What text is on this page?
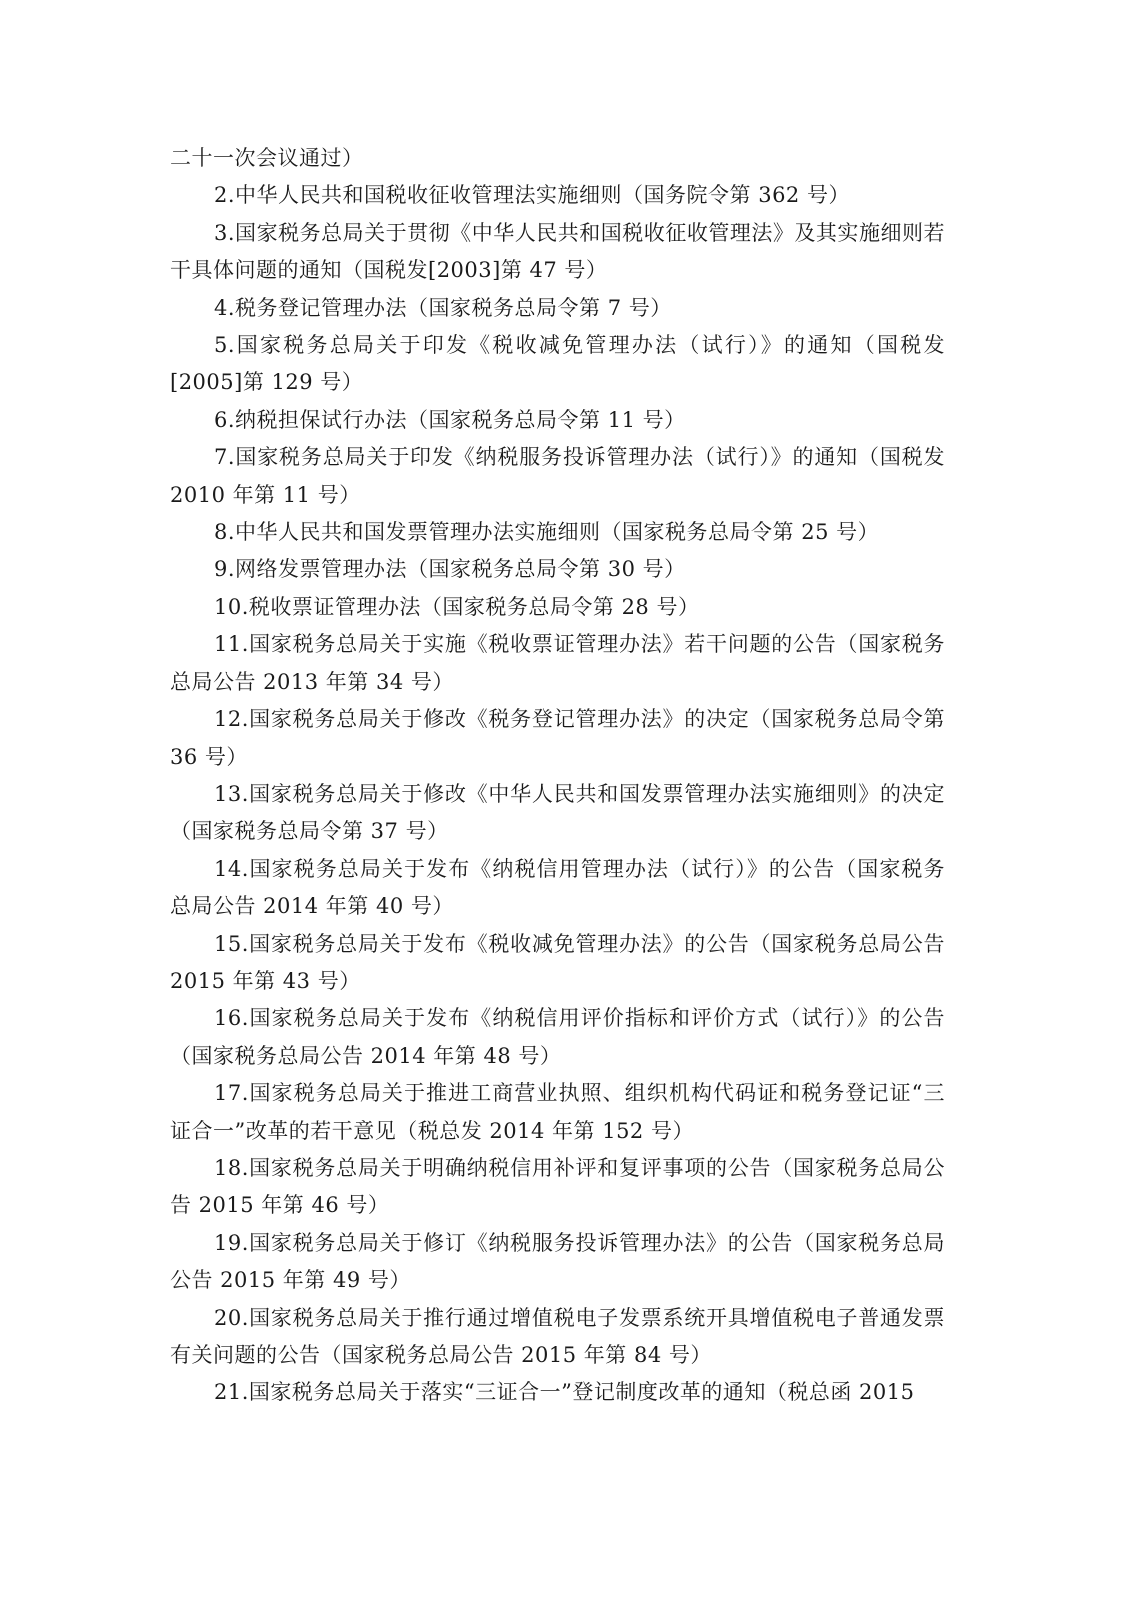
二十一次会议通过）

2.中华人民共和国税收征收管理法实施细则（国务院令第 362 号）

3.国家税务总局关于贯彻《中华人民共和国税收征收管理法》及其实施细则若干具体问题的通知（国税发[2003]第 47 号）

4.税务登记管理办法（国家税务总局令第 7 号）

5.国家税务总局关于印发《税收减免管理办法（试行）》的通知（国税发[2005]第 129 号）

6.纳税担保试行办法（国家税务总局令第 11 号）

7.国家税务总局关于印发《纳税服务投诉管理办法（试行）》的通知（国税发 2010 年第 11 号）

8.中华人民共和国发票管理办法实施细则（国家税务总局令第 25 号）

9.网络发票管理办法（国家税务总局令第 30 号）

10.税收票证管理办法（国家税务总局令第 28 号）

11.国家税务总局关于实施《税收票证管理办法》若干问题的公告（国家税务总局公告 2013 年第 34 号）

12.国家税务总局关于修改《税务登记管理办法》的决定（国家税务总局令第 36 号）

13.国家税务总局关于修改《中华人民共和国发票管理办法实施细则》的决定（国家税务总局令第 37 号）

14.国家税务总局关于发布《纳税信用管理办法（试行）》的公告（国家税务总局公告 2014 年第 40 号）

15.国家税务总局关于发布《税收减免管理办法》的公告（国家税务总局公告 2015 年第 43 号）

16.国家税务总局关于发布《纳税信用评价指标和评价方式（试行）》的公告（国家税务总局公告 2014 年第 48 号）

17.国家税务总局关于推进工商营业执照、组织机构代码证和税务登记证“三证合一”改革的若干意见（税总发 2014 年第 152 号）

18.国家税务总局关于明确纳税信用补评和复评事项的公告（国家税务总局公告 2015 年第 46 号）

19.国家税务总局关于修订《纳税服务投诉管理办法》的公告（国家税务总局公告 2015 年第 49 号）

20.国家税务总局关于推行通过增值税电子发票系统开具增值税电子普通发票有关问题的公告（国家税务总局公告 2015 年第 84 号）

21.国家税务总局关于落实“三证合一”登记制度改革的通知（税总函 2015
